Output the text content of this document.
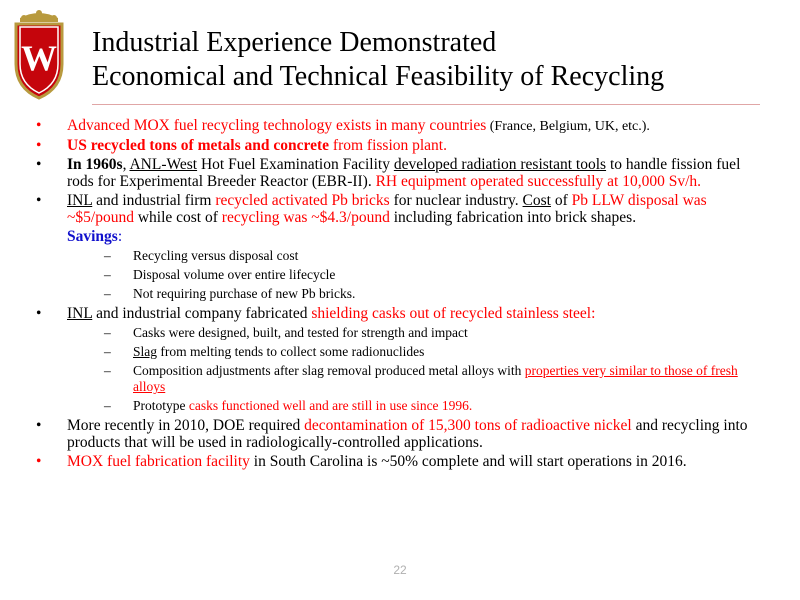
W Industrial Experience Demonstrated
Economical and Technical Feasibility of Recycling
•	Advanced MOX fuel recycling technology exists in many countries (France, Belgium, UK, etc.).
•	US recycled tons of metals and concrete from fission plant.
•	In 1960s, ANL-West Hot Fuel Examination Facility developed radiation resistant tools to handle fission fuel rods for Experimental Breeder Reactor (EBR-II). RH equipment operated successfully at 10,000 Sv/h.
•	INL and industrial firm recycled activated Pb bricks for nuclear industry. Cost of Pb LLW disposal was ~$5/pound while cost of recycling was ~$4.3/pound including fabrication into brick shapes.
Savings:
– Recycling versus disposal cost
– Disposal volume over entire lifecycle
– Not requiring purchase of new Pb bricks.
•	INL and industrial company fabricated shielding casks out of recycled stainless steel:
– Casks were designed, built, and tested for strength and impact
– Slag from melting tends to collect some radionuclides
– Composition adjustments after slag removal produced metal alloys with properties very similar to those of fresh alloys
– Prototype casks functioned well and are still in use since 1996.
•	More recently in 2010, DOE required decontamination of 15,300 tons of radioactive nickel and recycling into products that will be used in radiologically-controlled applications.
•	MOX fuel fabrication facility in South Carolina is ~50% complete and will start operations in 2016.
22
